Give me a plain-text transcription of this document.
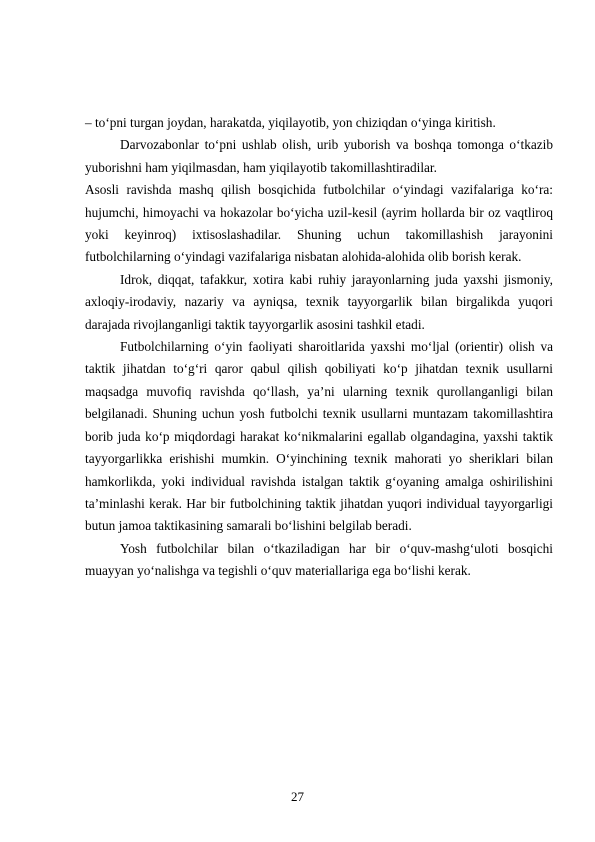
– to‘pni turgan joydan, harakatda, yiqilayotib, yon chiziqdan o‘yinga kiritish.

Darvozabonlar to‘pni ushlab olish, urib yuborish va boshqa tomonga o‘tkazib yuborishni ham yiqilmasdan, ham yiqilayotib takomillashtiradilar.

Asosli ravishda mashq qilish bosqichida futbolchilar o‘yindagi vazifalariga ko‘ra: hujumchi, himoyachi va hokazolar bo‘yicha uzil-kesil (ayrim hollarda bir oz vaqtliroq yoki keyinroq) ixtisoslashadilar. Shuning uchun takomillashish jarayonini futbolchilarning o‘yindagi vazifalariga nisbatan alohida-alohida olib borish kerak.

Idrok, diqqat, tafakkur, xotira kabi ruhiy jarayonlarning juda yaxshi jismoniy, axloqiy-irodaviy, nazariy va ayniqsa, texnik tayyorgarlik bilan birgalikda yuqori darajada rivojlanganligi taktik tayyorgarlik asosini tashkil etadi.

Futbolchilarning o‘yin faoliyati sharoitlarida yaxshi mo‘ljal (orientir) olish va taktik jihatdan to‘g‘ri qaror qabul qilish qobiliyati ko‘p jihatdan texnik usullarni maqsadga muvofiq ravishda qo‘llash, ya’ni ularning texnik qurollanganligi bilan belgilanadi. Shuning uchun yosh futbolchi texnik usullarni muntazam takomillashtira borib juda ko‘p miqdordagi harakat ko‘nikmalarini egallab olgandagina, yaxshi taktik tayyorgarlikka erishishi mumkin. O‘yinchining texnik mahorati yo sheriklari bilan hamkorlikda, yoki individual ravishda istalgan taktik g‘oyaning amalga oshirilishini ta’minlashi kerak. Har bir futbolchining taktik jihatdan yuqori individual tayyorgarligi butun jamoa taktikasining samarali bo‘lishini belgilab beradi.

Yosh futbolchilar bilan o‘tkaziladigan har bir o‘quv-mashg‘uloti bosqichi muayyan yo‘nalishga va tegishli o‘quv materiallariga ega bo‘lishi kerak.

27
